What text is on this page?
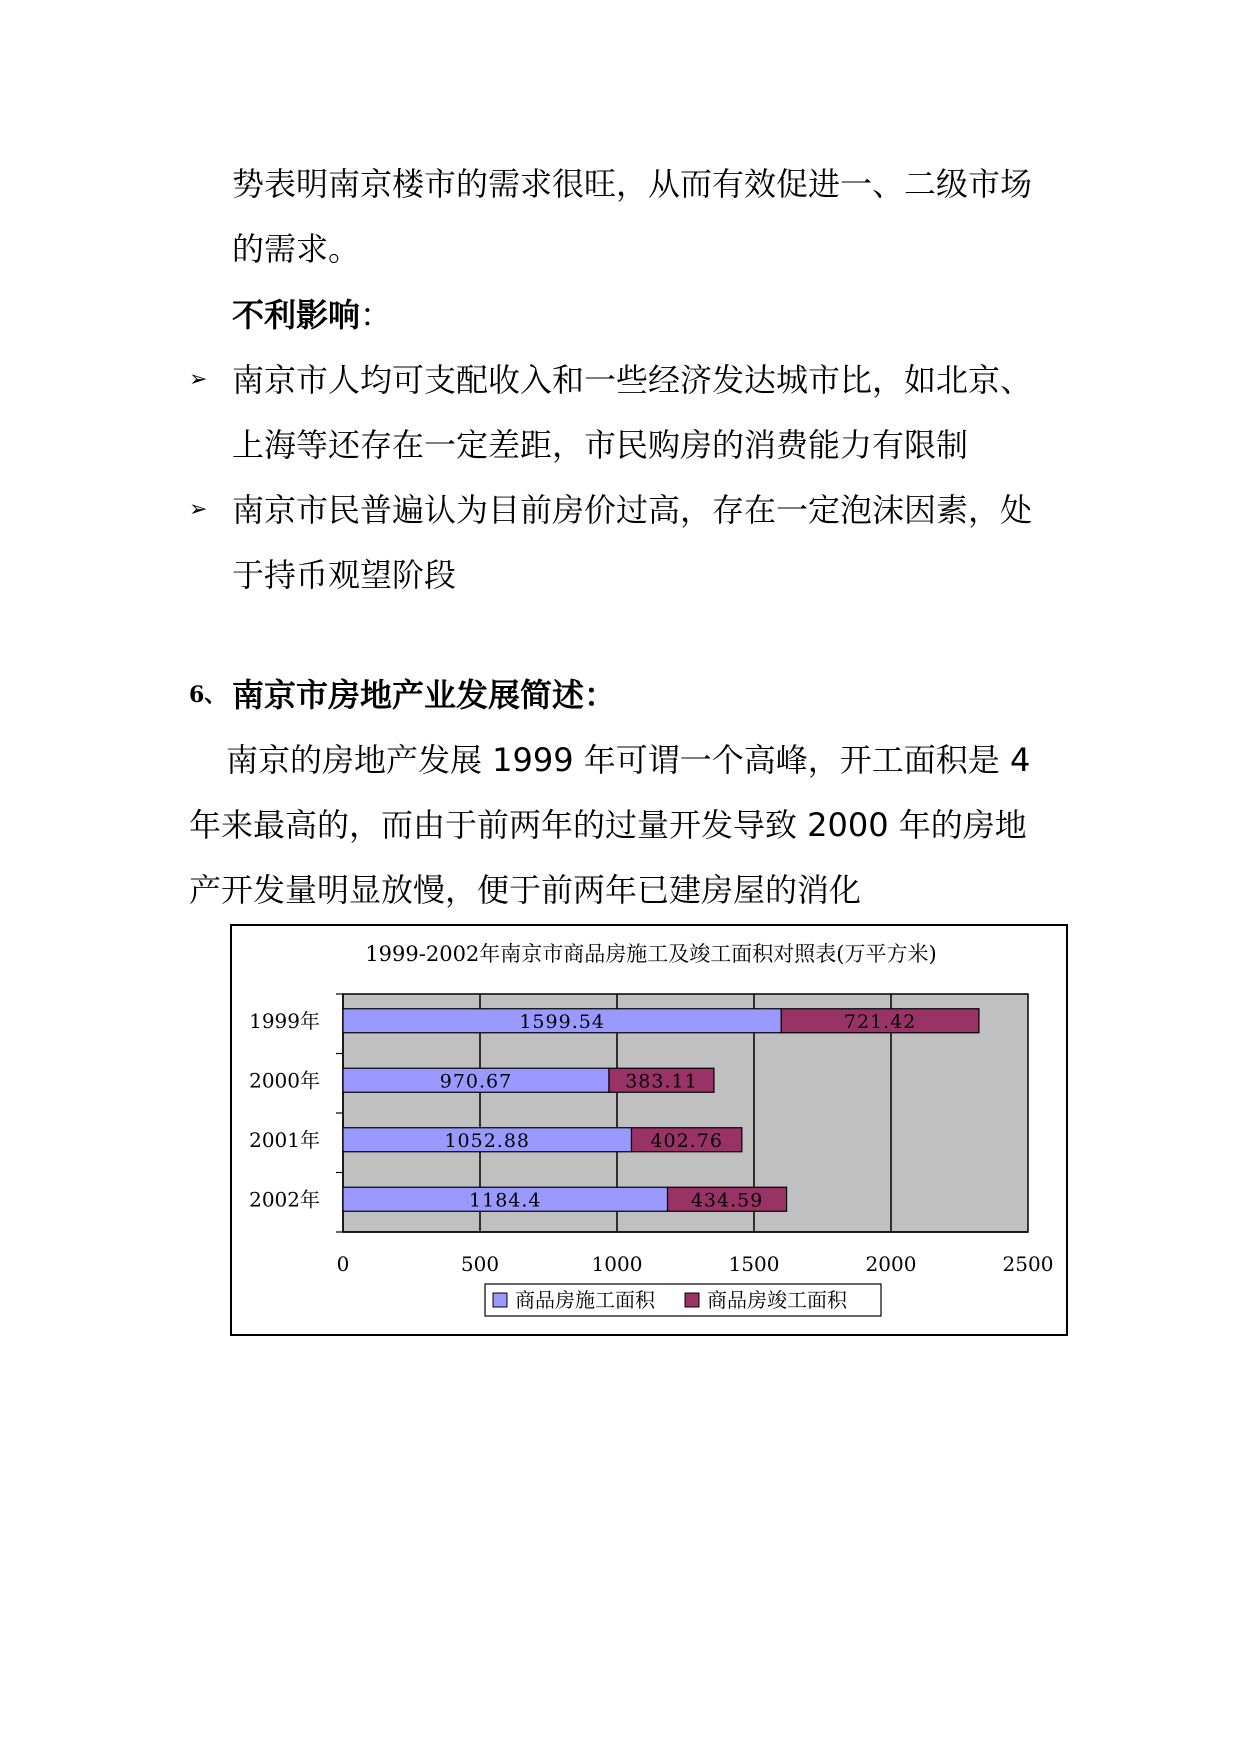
势表明南京楼市的需求很旺，从而有效促进一、二级市场
的需求。
不利影响：
➢ 南京市人均可支配收入和一些经济发达城市比，如北京、
上海等还存在一定差距，市民购房的消费能力有限制
➢ 南京市民普遍认为目前房价过高，存在一定泡沫因素，处
于持币观望阶段
6、 南京市房地产业发展简述：
南京的房地产发展 1999 年可谓一个高峰，开工面积是 4
年来最高的，而由于前两年的过量开发导致 2000 年的房地
产开发量明显放慢，便于前两年已建房屋的消化
1999-2002年南京市商品房施工及竣工面积对照表(万平方米)
0	500	1000	1500	2000	2500
1999年	1599.54	721.42
2000年	970.67	383.11
2001年	1052.88	402.76
2002年	1184.4	434.59
商品房施工面积	商品房竣工面积
